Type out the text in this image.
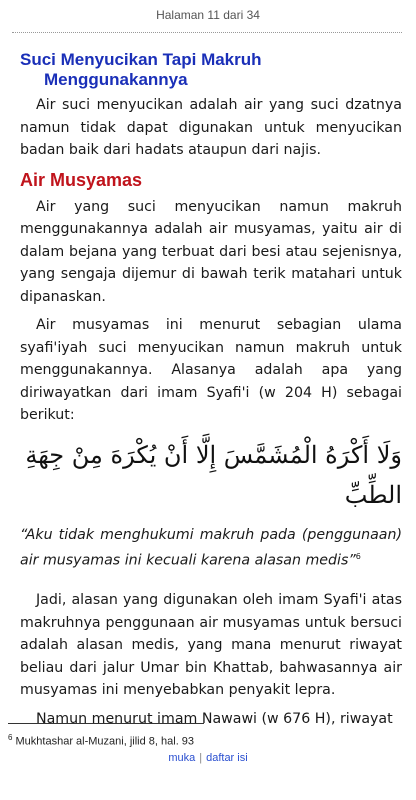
Halaman 11 dari 34
Suci Menyucikan Tapi Makruh
Menggunakannya

Air suci menyucikan adalah air yang suci dzatnya namun tidak dapat digunakan untuk menyucikan badan baik dari hadats ataupun dari najis.

Air Musyamas

Air yang suci menyucikan namun makruh menggunakannya adalah air musyamas, yaitu air di dalam bejana yang terbuat dari besi atau sejenisnya, yang sengaja dijemur di bawah terik matahari untuk dipanaskan.

Air musyamas ini menurut sebagian ulama syafi'iyah suci menyucikan namun makruh untuk menggunakannya. Alasanya adalah apa yang diriwayatkan dari imam Syafi'i (w 204 H) sebagai berikut:

وَلَا أَكْرَهُ الْمُشَمَّسَ إِلَّا أَنْ يُكْرَهَ مِنْ جِهَةِ الطِّبِّ
“Aku tidak menghukumi makruh pada (penggunaan) air musyamas ini kecuali karena alasan medis”$^6$

Jadi, alasan yang digunakan oleh imam Syafi'i atas makruhnya penggunaan air musyamas untuk bersuci adalah alasan medis, yang mana menurut riwayat beliau dari jalur Umar bin Khattab, bahwasannya air musyamas ini menyebabkan penyakit lepra.

Namun menurut imam Nawawi (w 676 H), riwayat

$^6$ Mukhtashar al-Muzani, jilid 8, hal. 93
muka | daftar isi
